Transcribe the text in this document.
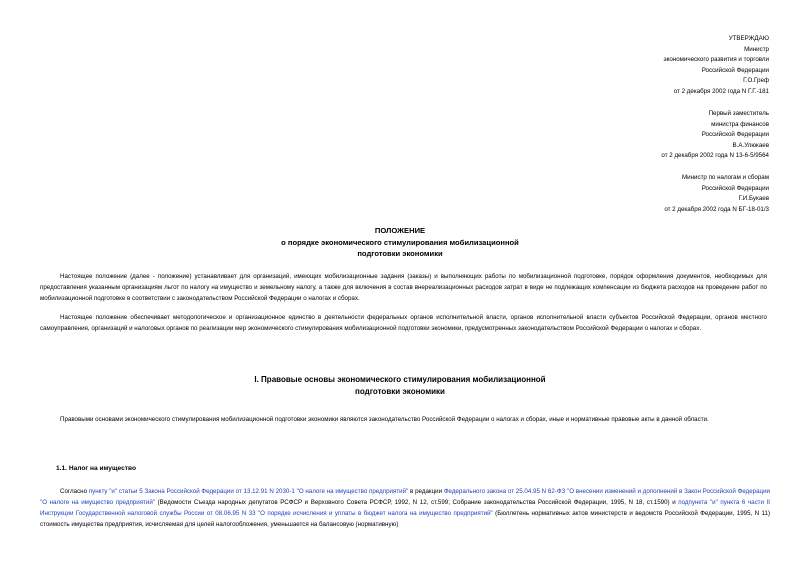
УТВЕРЖДАЮ
Министр
экономического развития и торговли
Российской Федерации
Г.О.Греф
от 2 декабря 2002 года N Г.Г.-181
Первый заместитель
министра финансов
Российской Федерации
В.А.Улюкаев
от 2 декабря 2002 года N 13-6-5/9564
Министр по налогам и сборам
Российской Федерации
Г.И.Букаев
от 2 декабря 2002 года N БГ-18-01/3
ПОЛОЖЕНИЕ
о порядке экономического стимулирования мобилизационной
подготовки экономики

Настоящее положение (далее - положение) устанавливает для организаций, имеющих мобилизационные задания (заказы) и выполняющих работы по мобилизационной подготовке, порядок оформления документов, необходимых для предоставления указанным организациям льгот по налогу на имущество и земельному налогу, а также для включения в состав внереализационных расходов затрат в виде не подлежащих компенсации из бюджета расходов на проведение работ по мобилизационной подготовке в соответствии с законодательством Российской Федерации о налогах и сборах.

Настоящее положение обеспечивает методологическое и организационное единство в деятельности федеральных органов исполнительной власти, органов исполнительной власти субъектов Российской Федерации, органов местного самоуправления, организаций и налоговых органов по реализации мер экономического стимулирования мобилизационной подготовки экономики, предусмотренных законодательством Российской Федерации о налогах и сборах.

I. Правовые основы экономического стимулирования мобилизационной
подготовки экономики

Правовыми основами экономического стимулирования мобилизационной подготовки экономики являются законодательство Российской Федерации о налогах и сборах, иные и нормативные правовые акты в данной области.

1.1. Налог на имущество

Согласно пункту "и" статьи 5 Закона Российской Федерации от 13.12.91 N 2030-1 "О налоге на имущество предприятий" в редакции Федерального закона от 25.04.95 N 62-ФЗ "О внесении изменений и дополнений в Закон Российской Федерации "О налоге на имущество предприятий" (Ведомости Съезда народных депутатов РСФСР и Верховного Совета РСФСР, 1992, N 12, ст.599; Собрание законодательства Российской Федерации, 1995, N 18, ст.1590) и подпункта "и" пункта 6 части II Инструкции Государственной налоговой службы России от 08.06.95 N 33 "О порядке исчисления и уплаты в бюджет налога на имущество предприятий" (Бюллетень нормативных актов министерств и ведомств Российской Федерации, 1995, N 11) стоимость имущества предприятия, исчисляемая для целей налогообложения, уменьшается на балансовую (нормативную)
